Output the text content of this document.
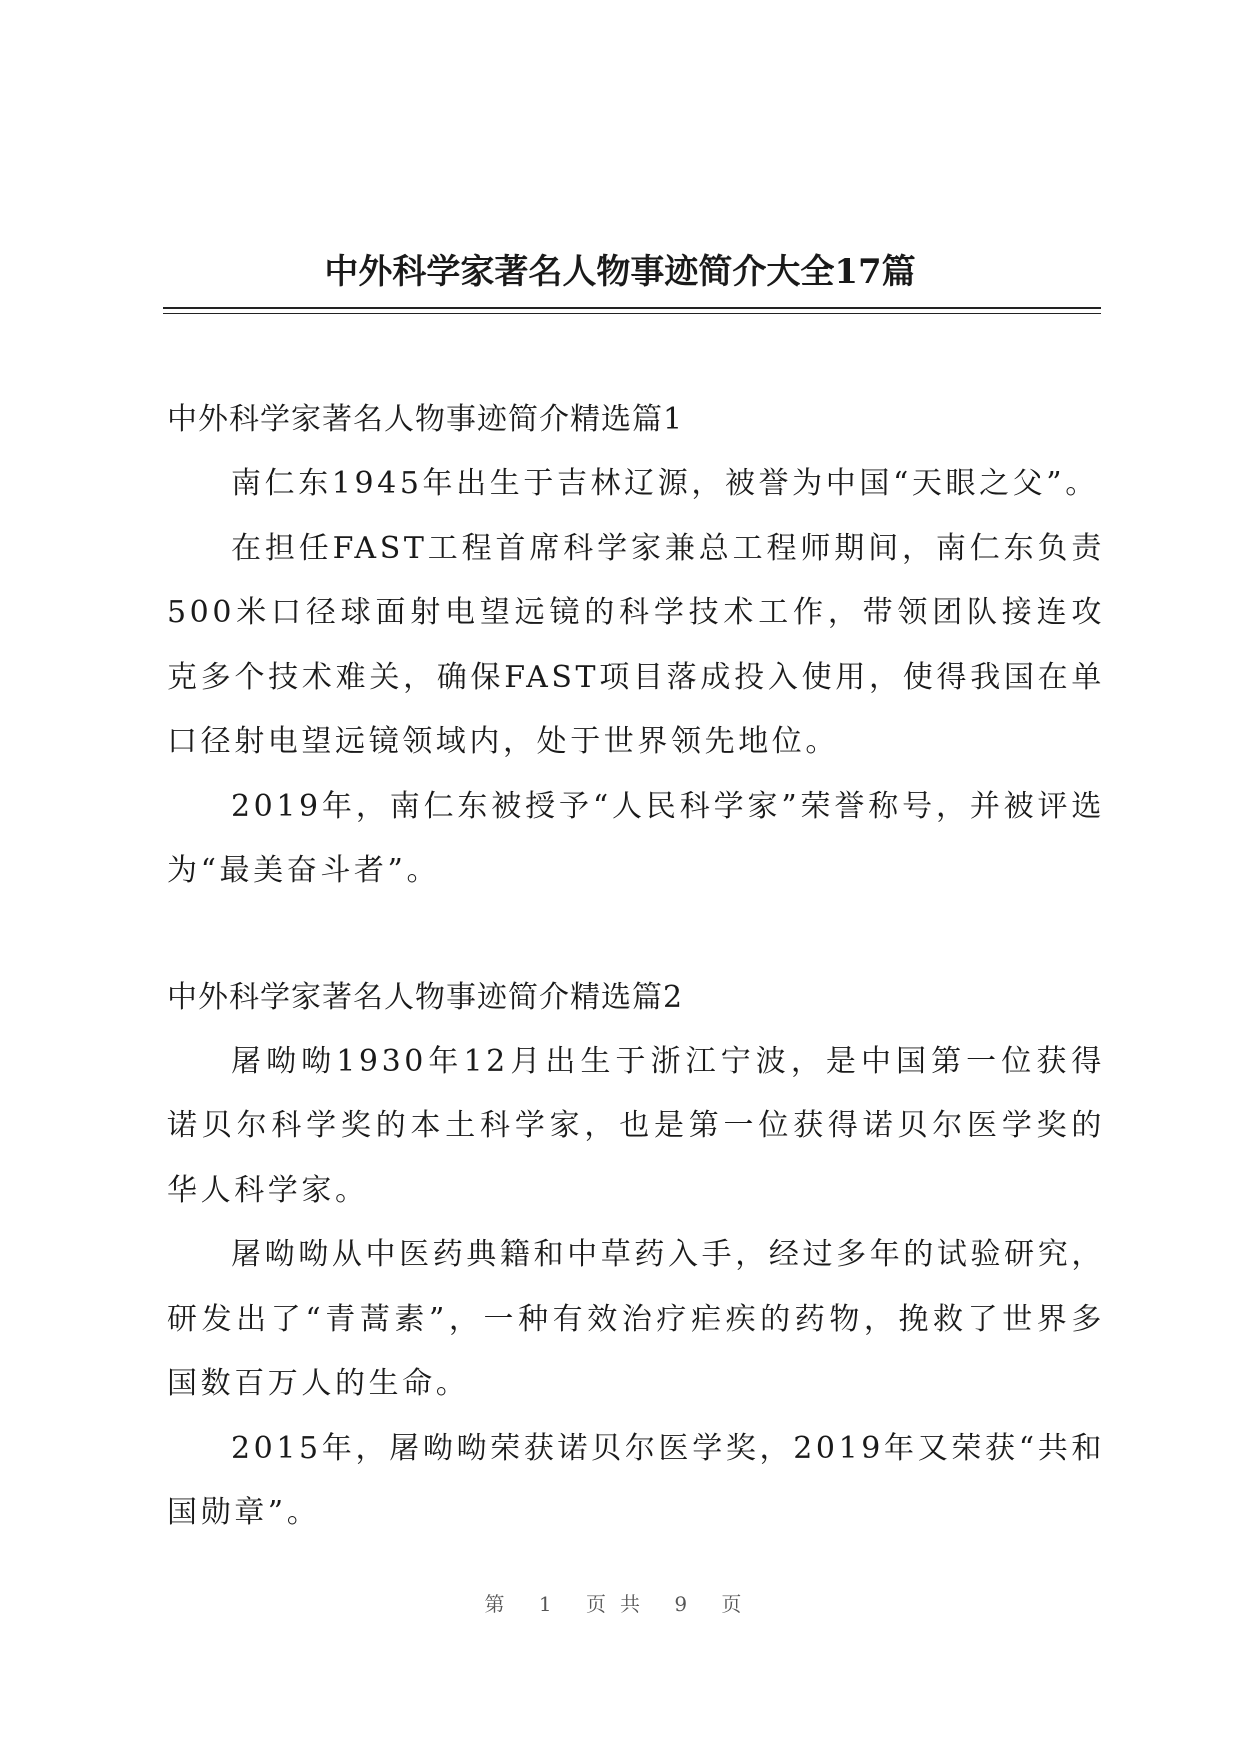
中外科学家著名人物事迹简介大全17篇

中外科学家著名人物事迹简介精选篇1

南仁东1945年出生于吉林辽源，被誉为中国“天眼之父”。

在担任FAST工程首席科学家兼总工程师期间，南仁东负责500米口径球面射电望远镜的科学技术工作，带领团队接连攻克多个技术难关，确保FAST项目落成投入使用，使得我国在单口径射电望远镜领域内，处于世界领先地位。

2019年，南仁东被授予“人民科学家”荣誉称号，并被评选为“最美奋斗者”。

中外科学家著名人物事迹简介精选篇2

屠呦呦1930年12月出生于浙江宁波，是中国第一位获得诺贝尔科学奖的本土科学家，也是第一位获得诺贝尔医学奖的华人科学家。

屠呦呦从中医药典籍和中草药入手，经过多年的试验研究，研发出了“青蒿素”，一种有效治疗疟疾的药物，挽救了世界多国数百万人的生命。

2015年，屠呦呦荣获诺贝尔医学奖，2019年又荣获“共和国勋章”。

第 1 页共 9 页
